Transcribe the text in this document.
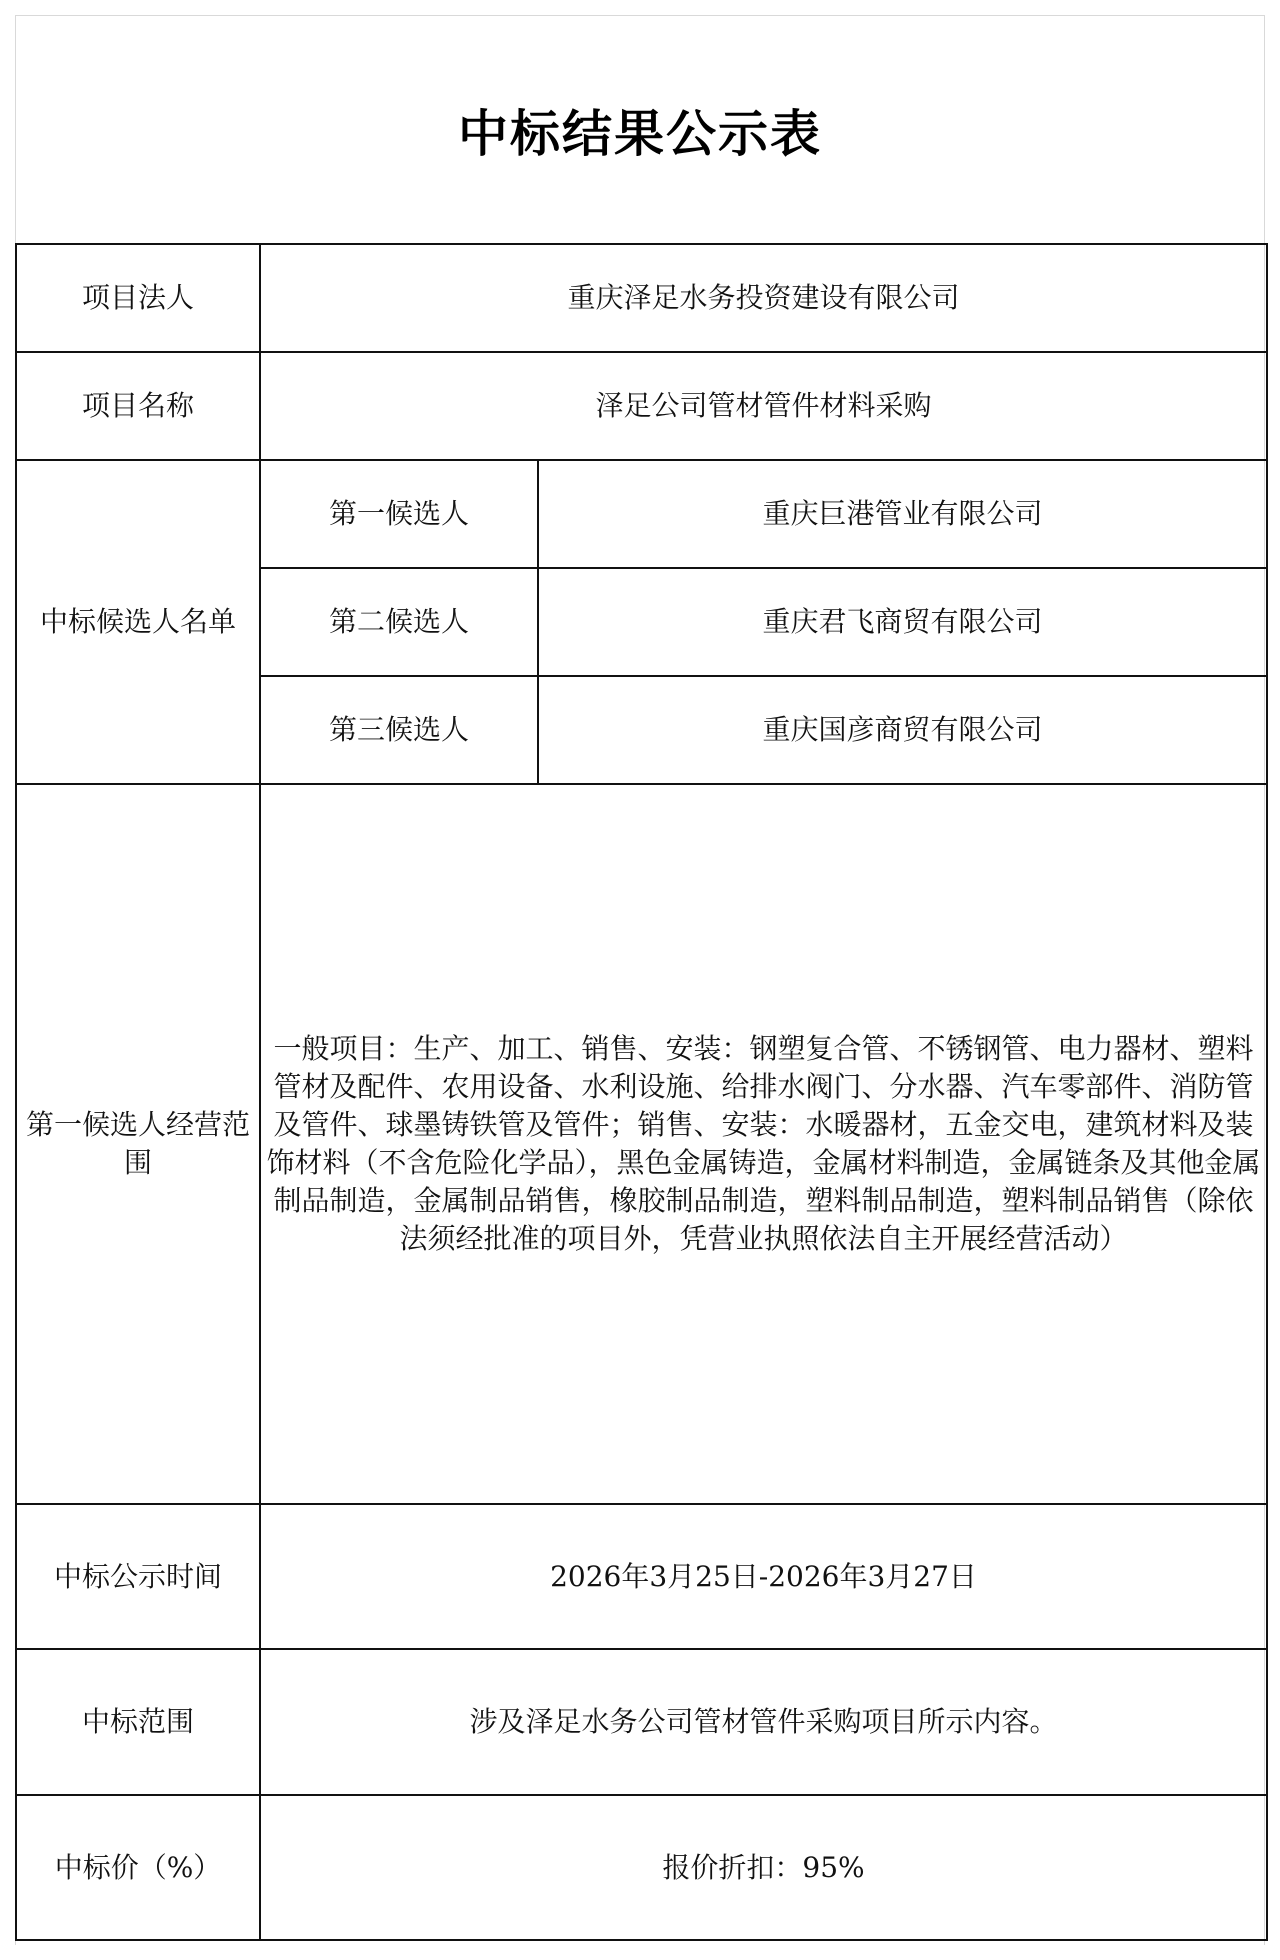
中标结果公示表
项目法人	重庆泽足水务投资建设有限公司	
项目名称	泽足公司管材管件材料采购	
中标候选人名单	第一候选人	重庆巨港管业有限公司
	第二候选人	重庆君飞商贸有限公司
	第三候选人	重庆国彦商贸有限公司
第一候选人经营范围	一般项目：生产、加工、销售、安装：钢塑复合管、不锈钢管、电力器材、塑料管材及配件、农用设备、水利设施、给排水阀门、分水器、汽车零部件、消防管及管件、球墨铸铁管及管件；销售、安装：水暖器材，五金交电，建筑材料及装饰材料（不含危险化学品），黑色金属铸造，金属材料制造，金属链条及其他金属制品制造，金属制品销售，橡胶制品制造，塑料制品制造，塑料制品销售（除依法须经批准的项目外，凭营业执照依法自主开展经营活动）	
中标公示时间	2026年3月25日-2026年3月27日	
中标范围	涉及泽足水务公司管材管件采购项目所示内容。	
中标价（%）	报价折扣：95%	
